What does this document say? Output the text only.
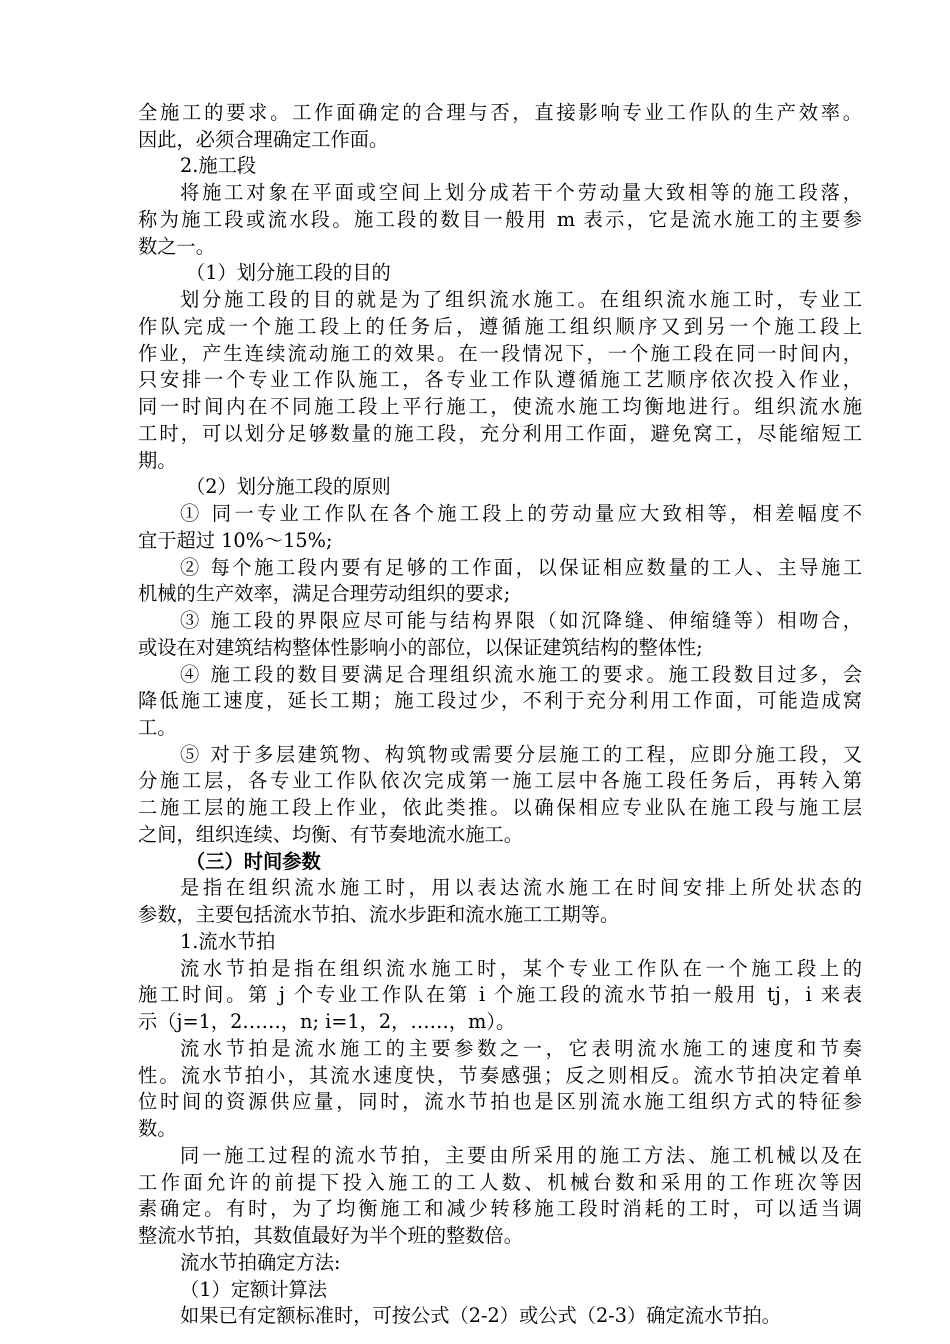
全施工的要求。工作面确定的合理与否，直接影响专业工作队的生产效率。
因此，必须合理确定工作面。
2.施工段
将施工对象在平面或空间上划分成若干个劳动量大致相等的施工段落，
称为施工段或流水段。施工段的数目一般用 m 表示，它是流水施工的主要参
数之一。
（1）划分施工段的目的
划分施工段的目的就是为了组织流水施工。在组织流水施工时，专业工
作队完成一个施工段上的任务后，遵循施工组织顺序又到另一个施工段上
作业，产生连续流动施工的效果。在一段情况下，一个施工段在同一时间内，
只安排一个专业工作队施工，各专业工作队遵循施工艺顺序依次投入作业，
同一时间内在不同施工段上平行施工，使流水施工均衡地进行。组织流水施
工时，可以划分足够数量的施工段，充分利用工作面，避免窝工，尽能缩短工
期。
（2）划分施工段的原则
① 同一专业工作队在各个施工段上的劳动量应大致相等，相差幅度不
宜于超过 10%～15%;
② 每个施工段内要有足够的工作面，以保证相应数量的工人、主导施工
机械的生产效率，满足合理劳动组织的要求;
③ 施工段的界限应尽可能与结构界限（如沉降缝、伸缩缝等）相吻合，
或设在对建筑结构整体性影响小的部位，以保证建筑结构的整体性;
④ 施工段的数目要满足合理组织流水施工的要求。施工段数目过多，会
降低施工速度，延长工期；施工段过少，不利于充分利用工作面，可能造成窝
工。
⑤ 对于多层建筑物、构筑物或需要分层施工的工程，应即分施工段，又
分施工层，各专业工作队依次完成第一施工层中各施工段任务后，再转入第
二施工层的施工段上作业，依此类推。以确保相应专业队在施工段与施工层
之间，组织连续、均衡、有节奏地流水施工。
（三）时间参数
是指在组织流水施工时，用以表达流水施工在时间安排上所处状态的
参数，主要包括流水节拍、流水步距和流水施工工期等。
1.流水节拍
流水节拍是指在组织流水施工时，某个专业工作队在一个施工段上的
施工时间。第 j 个专业工作队在第 i 个施工段的流水节拍一般用 tj，i 来表
示（j=1，2……，n; i=1，2，……，m）。
流水节拍是流水施工的主要参数之一，它表明流水施工的速度和节奏
性。流水节拍小，其流水速度快，节奏感强；反之则相反。流水节拍决定着单
位时间的资源供应量，同时，流水节拍也是区别流水施工组织方式的特征参
数。
同一施工过程的流水节拍，主要由所采用的施工方法、施工机械以及在
工作面允许的前提下投入施工的工人数、机械台数和采用的工作班次等因
素确定。有时，为了均衡施工和减少转移施工段时消耗的工时，可以适当调
整流水节拍，其数值最好为半个班的整数倍。
流水节拍确定方法:
（1）定额计算法
如果已有定额标准时，可按公式（2-2）或公式（2-3）确定流水节拍。
